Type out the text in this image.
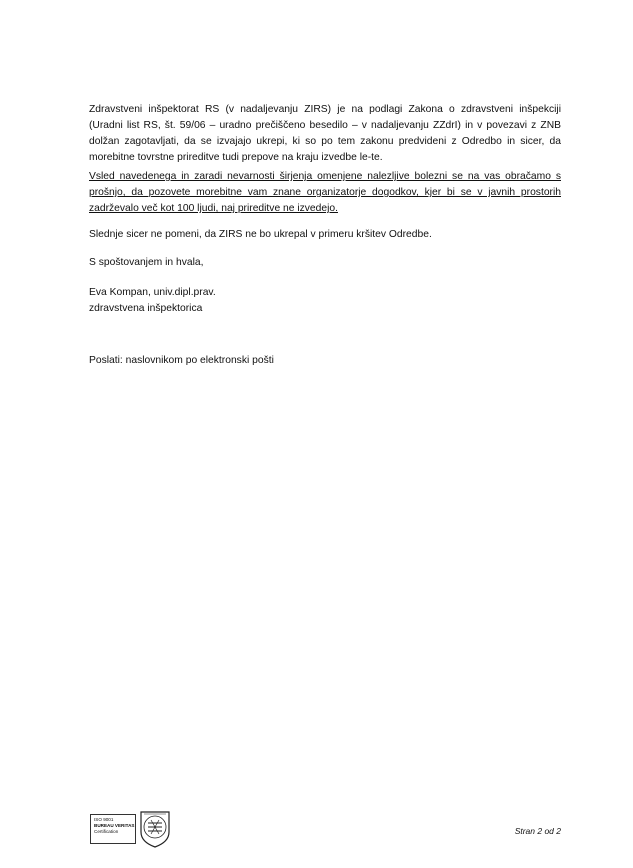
Zdravstveni inšpektorat RS (v nadaljevanju ZIRS) je na podlagi Zakona o zdravstveni inšpekciji
(Uradni list RS, št. 59/06 – uradno prečiščeno besedilo – v nadaljevanju ZZdrI) in v povezavi z ZNB
dolžan zagotavljati, da se izvajajo ukrepi, ki so po tem zakonu predvideni z Odredbo in sicer, da
morebitne tovrstne prireditve tudi prepove na kraju izvedbe le-te.

Vsled navedenega in zaradi nevarnosti širjenja omenjene nalezljive bolezni se na vas obračamo s
prošnjo, da pozovete morebitne vam znane organizatorje dogodkov, kjer bi se v javnih prostorih
zadrževalo več kot 100 ljudi, naj prireditve ne izvedejo.

Slednje sicer ne pomeni, da ZIRS ne bo ukrepal v primeru kršitev Odredbe.

S spoštovanjem in hvala,

Eva Kompan, univ.dipl.prav.
zdravstvena inšpektorica

Poslati: naslovnikom po elektronski pošti

ISO 9001
BUREAU VERITAS
Certification	Stran 2 od 2
